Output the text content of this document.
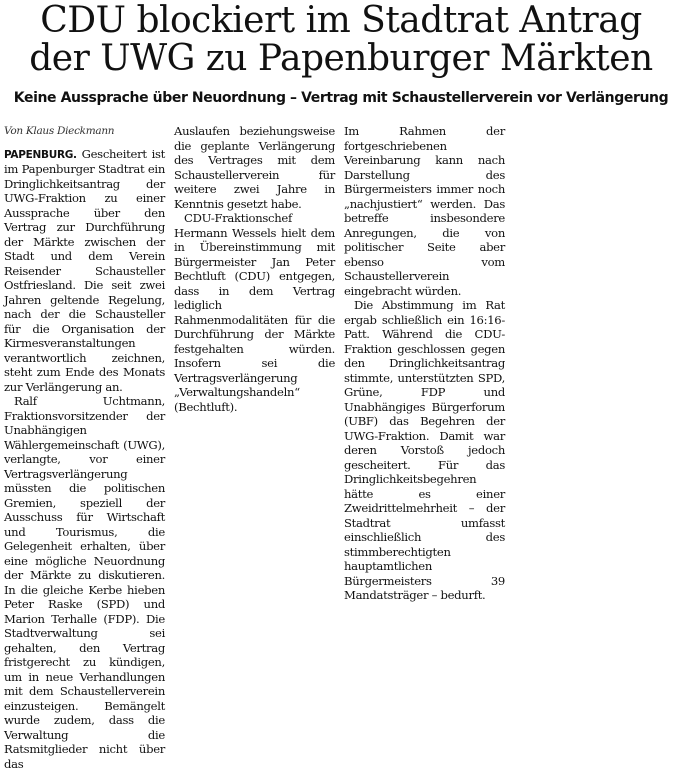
CDU blockiert im Stadtrat Antrag
der UWG zu Papenburger Märkten
Keine Aussprache über Neuordnung – Vertrag mit Schaustellerverein vor Verlängerung

Von Klaus Dieckmann

PAPENBURG. Gescheitert ist im Papenburger Stadtrat ein Dringlichkeitsantrag der UWG-Fraktion zu einer Aussprache über den Vertrag zur Durchführung der Märkte zwischen der Stadt und dem Verein Reisender Schausteller Ostfriesland. Die seit zwei Jahren geltende Regelung, nach der die Schausteller für die Organisation der Kirmesveranstaltungen verantwortlich zeichnen, steht zum Ende des Monats zur Verlängerung an.

Ralf Uchtmann, Fraktionsvorsitzender der Unabhängigen Wählergemeinschaft (UWG), verlangte, vor einer Vertragsverlängerung müssten die politischen Gremien, speziell der Ausschuss für Wirtschaft und Tourismus, die Gelegenheit erhalten, über eine mögliche Neuordnung der Märkte zu diskutieren. In die gleiche Kerbe hieben Peter Raske (SPD) und Marion Terhalle (FDP). Die Stadtverwaltung sei gehalten, den Vertrag fristgerecht zu kündigen, um in neue Verhandlungen mit dem Schaustellerverein einzusteigen. Bemängelt wurde zudem, dass die Verwaltung die Ratsmitglieder nicht über das

Auslaufen beziehungsweise die geplante Verlängerung des Vertrages mit dem Schaustellerverein für weitere zwei Jahre in Kenntnis gesetzt habe.

CDU-Fraktionschef Hermann Wessels hielt dem in Übereinstimmung mit Bürgermeister Jan Peter Bechtluft (CDU) entgegen, dass in dem Vertrag lediglich Rahmenmodalitäten für die Durchführung der Märkte festgehalten würden. Insofern sei die Vertragsverlängerung „Verwaltungshandeln“ (Bechtluft).

Im Rahmen der fortgeschriebenen Vereinbarung kann nach Darstellung des Bürgermeisters immer noch „nachjustiert“ werden. Das betreffe insbesondere Anregungen, die von politischer Seite aber ebenso vom Schaustellerverein eingebracht würden.

Die Abstimmung im Rat ergab schließlich ein 16:16-Patt. Während die CDU-Fraktion geschlossen gegen den Dringlichkeitsantrag stimmte, unterstützten SPD, Grüne, FDP und Unabhängiges Bürgerforum (UBF) das Begehren der UWG-Fraktion. Damit war deren Vorstoß jedoch gescheitert. Für das Dringlichkeitsbegehren hätte es einer Zweidrittelmehrheit – der Stadtrat umfasst einschließlich des stimmberechtigten hauptamtlichen Bürgermeisters 39 Mandatsträger – bedurft.
